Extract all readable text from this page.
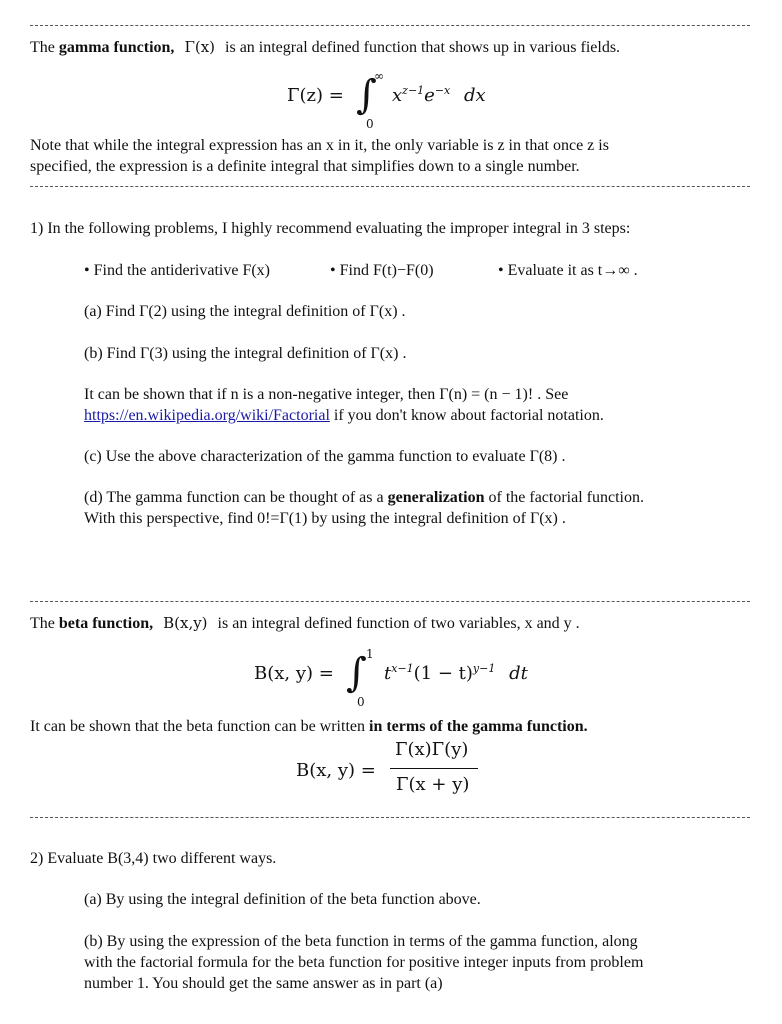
The gamma function, Γ(x) is an integral defined function that shows up in various fields.
Γ(z) = ∫
∞
0
$x^{z-1}e^{-x}$ dx
Note that while the integral expression has an x in it, the only variable is z in that once z is
specified, the expression is a definite integral that simplifies down to a single number.
1) In the following problems, I highly recommend evaluating the improper integral in 3 steps:
• Find the antiderivative F(x)	• Find F(t)−F(0)	• Evaluate it as t→∞ .
(a) Find Γ(2) using the integral definition of Γ(x) .
(b) Find Γ(3) using the integral definition of Γ(x) .
It can be shown that if n is a non-negative integer, then Γ(n) = (n − 1)! . See
https://en.wikipedia.org/wiki/Factorial if you don't know about factorial notation.
(c) Use the above characterization of the gamma function to evaluate Γ(8) .
(d) The gamma function can be thought of as a generalization of the factorial function.
With this perspective, find 0!=Γ(1) by using the integral definition of Γ(x) .
The beta function, B(x,y) is an integral defined function of two variables, x and y .
B(x, y) = ∫ 1
0
$t^{x-1}(1 - t)^{y-1}$ dt
It can be shown that the beta function can be written in terms of the gamma function.
B(x, y) =
Γ(x)Γ(y)
Γ(x + y)
2) Evaluate B(3,4) two different ways.
(a) By using the integral definition of the beta function above.
(b) By using the expression of the beta function in terms of the gamma function, along
with the factorial formula for the beta function for positive integer inputs from problem
number 1. You should get the same answer as in part (a)
